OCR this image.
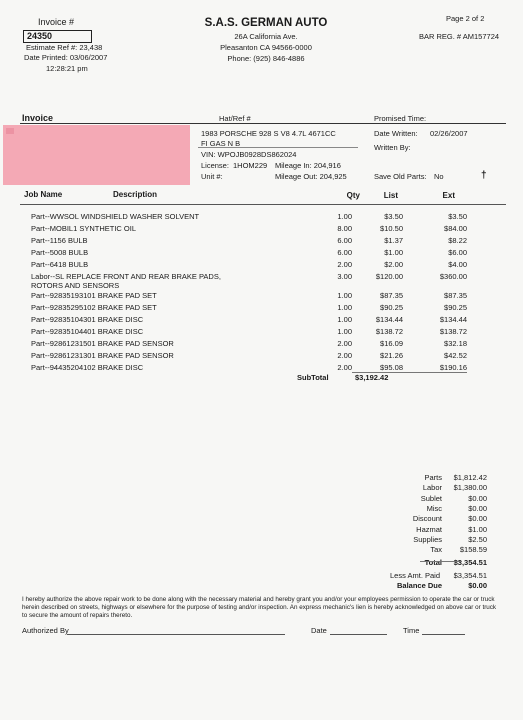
Invoice #
24350
Estimate Ref #: 23,438
Date Printed: 03/06/2007
12:28:21 pm
S.A.S. GERMAN AUTO
26A California Ave.
Pleasanton CA 94566-0000
Phone: (925) 846-4886
Page 2 of 2
BAR REG. # AM157724
Invoice	Hat/Ref #	Promised Time:
1983 PORSCHE 928 S V8 4.7L 4671CC
FI GAS N B
VIN: WPOJB0928DS862024
License: 1HOM229 Mileage In: 204,916
Unit #:	Mileage Out: 204,925
Date Written: 02/26/2007
Written By:
Save Old Parts: No	†
Job Name	Description	Qty	List	Ext
Part--WWSOL WINDSHIELD WASHER SOLVENT	1.00	$3.50	$3.50
Part--MOBIL1 SYNTHETIC OIL	8.00	$10.50	$84.00
Part--1156 BULB	6.00	$1.37	$8.22
Part--5008 BULB	6.00	$1.00	$6.00
Part--6418 BULB	2.00	$2.00	$4.00
Labor--SL REPLACE FRONT AND REAR BRAKE PADS,
ROTORS AND SENSORS
3.00	$120.00	$360.00
Part--92835193101 BRAKE PAD SET	1.00	$87.35	$87.35
Part--92835295102 BRAKE PAD SET	1.00	$90.25	$90.25
Part--92835104301 BRAKE DISC	1.00	$134.44	$134.44
Part--92835104401 BRAKE DISC	1.00	$138.72	$138.72
Part--92861231501 BRAKE PAD SENSOR	2.00	$16.09	$32.18
Part--92861231301 BRAKE PAD SENSOR	2.00	$21.26	$42.52
Part--94435204102 BRAKE DISC	2.00	$95.08	$190.16
SubTotal	$3,192.42
Parts	$1,812.42
Labor	$1,380.00
Sublet	$0.00
Misc	$0.00
Discount	$0.00
Hazmat	$1.00
Supplies	$2.50
Tax	$158.59
Total	$3,354.51
Less Amt. Paid	$3,354.51
Balance Due	$0.00
I hereby authorize the above repair work to be done along with the necessary material and hereby grant you and/or your employees permission to operate the car or truck herein described on streets, highways or elsewhere for the purpose of testing and/or inspection. An express mechanic's lien is hereby acknowledged on above car or truck to secure the amount of repairs thereto.
Authorized By	Date	Time
